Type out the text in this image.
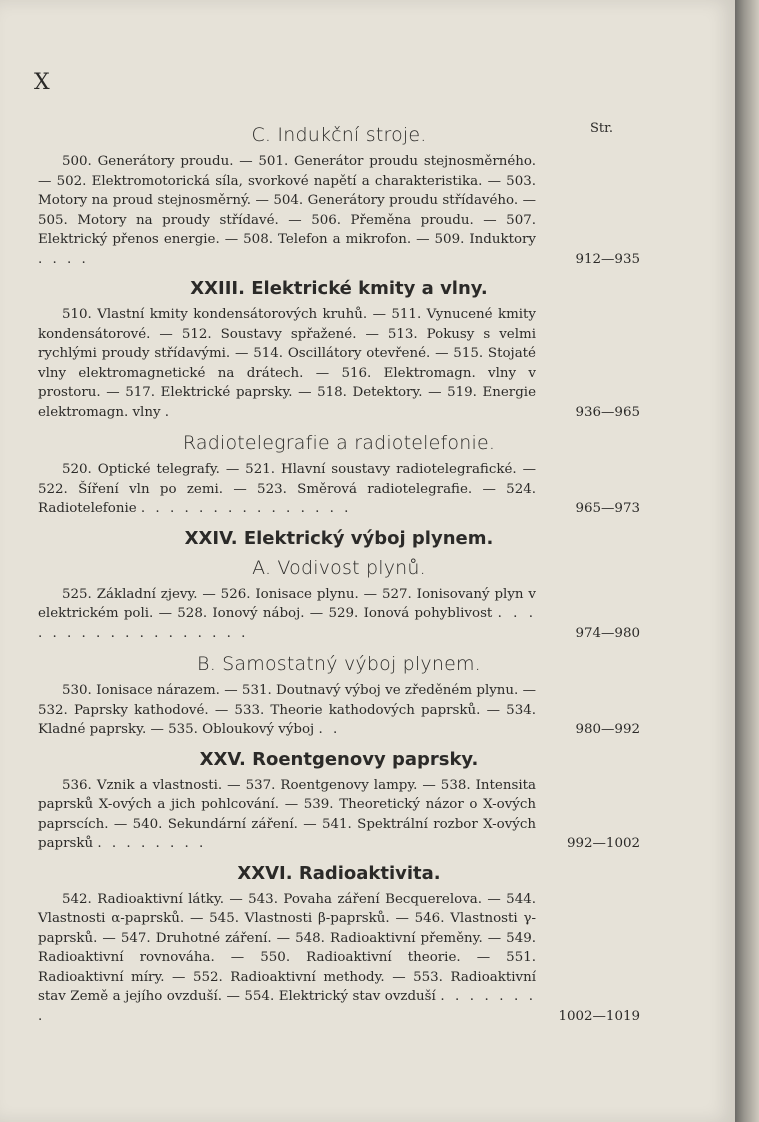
X
Str.
C. Indukční stroje.

500. Generátory proudu. — 501. Generátor proudu stejnosměrného. — 502. Elektromotorická síla, svorkové napětí a charakteristika. — 503. Motory na proud stejnosměrný. — 504. Generátory proudu střídavého. — 505. Motory na proudy střídavé. — 506. Přeměna proudu. — 507. Elektrický přenos energie. — 508. Telefon a mikrofon. — 509. Induktory . . . .	912—935

XXIII. Elektrické kmity a vlny.

510. Vlastní kmity kondensátorových kruhů. — 511. Vynucené kmity kondensátorové. — 512. Soustavy spřažené. — 513. Pokusy s velmi rychlými proudy střídavými. — 514. Oscillátory otevřené. — 515. Stojaté vlny elektromagnetické na drátech. — 516. Elektromagn. vlny v prostoru. — 517. Elektrické paprsky. — 518. Detektory. — 519. Energie elektromagn. vlny .	936—965

Radiotelegrafie a radiotelefonie.

520. Optické telegrafy. — 521. Hlavní soustavy radiotelegrafické. — 522. Šíření vln po zemi. — 523. Směrová radiotelegrafie. — 524. Radiotelefonie . . . . . . . . . . . . . . .	965—973

XXIV. Elektrický výboj plynem.
A. Vodivost plynů.

525. Základní zjevy. — 526. Ionisace plynu. — 527. Ionisovaný plyn v elektrickém poli. — 528. Ionový náboj. — 529. Ionová pohyblivost . . . . . . . . . . . . . . . . . .	974—980

B. Samostatný výboj plynem.

530. Ionisace nárazem. — 531. Doutnavý výboj ve zředěném plynu. — 532. Paprsky kathodové. — 533. Theorie kathodových paprsků. — 534. Kladné paprsky. — 535. Obloukový výboj . .	980—992

XXV. Roentgenovy paprsky.

536. Vznik a vlastnosti. — 537. Roentgenovy lampy. — 538. Intensita paprsků X-ových a jich pohlcování. — 539. Theoretický názor o X-ových paprscích. — 540. Sekundární záření. — 541. Spektrální rozbor X-ových paprsků . . . . . . . .	992—1002

XXVI. Radioaktivita.

542. Radioaktivní látky. — 543. Povaha záření Becquerelova. — 544. Vlastnosti α-paprsků. — 545. Vlastnosti β-paprsků. — 546. Vlastnosti γ-paprsků. — 547. Druhotné záření. — 548. Radioaktivní přeměny. — 549. Radioaktivní rovnováha. — 550. Radioaktivní theorie. — 551. Radioaktivní míry. — 552. Radioaktivní methody. — 553. Radioaktivní stav Země a jejího ovzduší. — 554. Elektrický stav ovzduší . . . . . . . .	1002—1019
